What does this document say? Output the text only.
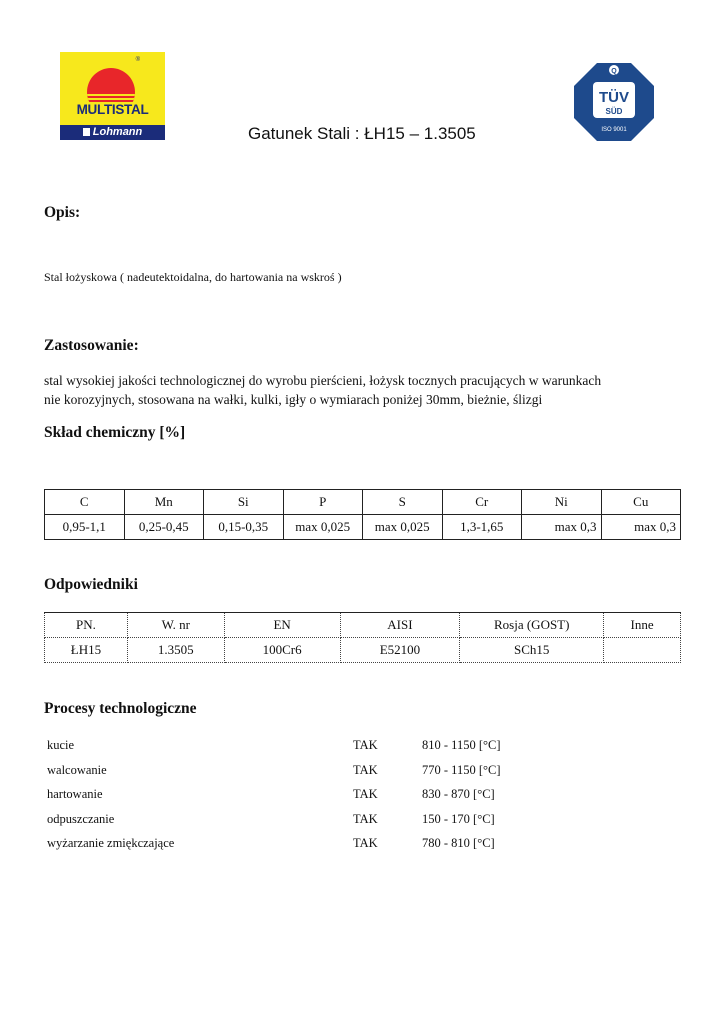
®
MULTISTAL
Lohmann
Q
TÜV
SÜD
ISO 9001
Gatunek Stali : ŁH15 – 1.3505
Opis:
Stal łożyskowa ( nadeutektoidalna, do hartowania na wskroś )
Zastosowanie:
stal wysokiej jakości technologicznej do wyrobu pierścieni, łożysk tocznych pracujących w warunkach
nie korozyjnych, stosowana na wałki, kulki, igły o wymiarach poniżej 30mm, bieżnie, ślizgi
Skład chemiczny [%]
C	Mn	Si	P	S	Cr	Ni	Cu
0,95-1,1	0,25-0,45	0,15-0,35	max 0,025	max 0,025	1,3-1,65	max 0,3	max 0,3
Odpowiedniki
PN.	W. nr	EN	AISI	Rosja (GOST)	Inne
ŁH15	1.3505	100Cr6	E52100	SCh15	
Procesy technologiczne
kucie	TAK	810 - 1150 [°C]
walcowanie	TAK	770 - 1150 [°C]
hartowanie	TAK	830 - 870 [°C]
odpuszczanie	TAK	150 - 170 [°C]
wyżarzanie zmiękczające	TAK	780 - 810 [°C]
